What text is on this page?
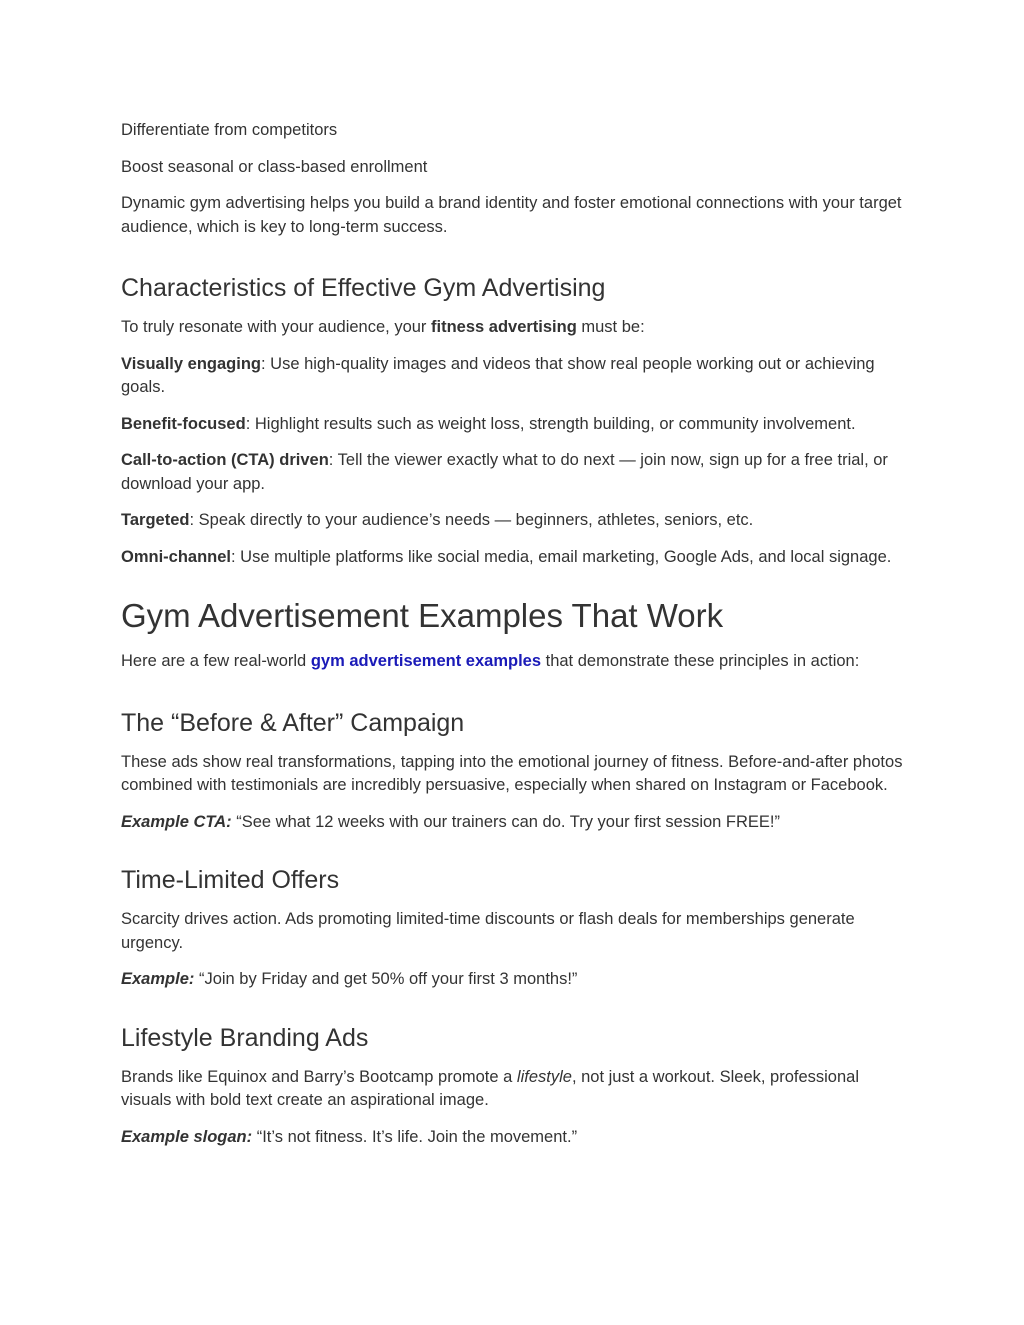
Differentiate from competitors

Boost seasonal or class-based enrollment

Dynamic gym advertising helps you build a brand identity and foster emotional connections with your target audience, which is key to long-term success.

Characteristics of Effective Gym Advertising

To truly resonate with your audience, your fitness advertising must be:

Visually engaging: Use high-quality images and videos that show real people working out or achieving goals.

Benefit-focused: Highlight results such as weight loss, strength building, or community involvement.

Call-to-action (CTA) driven: Tell the viewer exactly what to do next — join now, sign up for a free trial, or download your app.

Targeted: Speak directly to your audience’s needs — beginners, athletes, seniors, etc.

Omni-channel: Use multiple platforms like social media, email marketing, Google Ads, and local signage.

Gym Advertisement Examples That Work

Here are a few real-world gym advertisement examples that demonstrate these principles in action:

The “Before & After” Campaign

These ads show real transformations, tapping into the emotional journey of fitness. Before-and-after photos combined with testimonials are incredibly persuasive, especially when shared on Instagram or Facebook.

Example CTA: “See what 12 weeks with our trainers can do. Try your first session FREE!”

Time-Limited Offers

Scarcity drives action. Ads promoting limited-time discounts or flash deals for memberships generate urgency.

Example: “Join by Friday and get 50% off your first 3 months!”

Lifestyle Branding Ads

Brands like Equinox and Barry’s Bootcamp promote a lifestyle, not just a workout. Sleek, professional visuals with bold text create an aspirational image.

Example slogan: “It’s not fitness. It’s life. Join the movement.”
